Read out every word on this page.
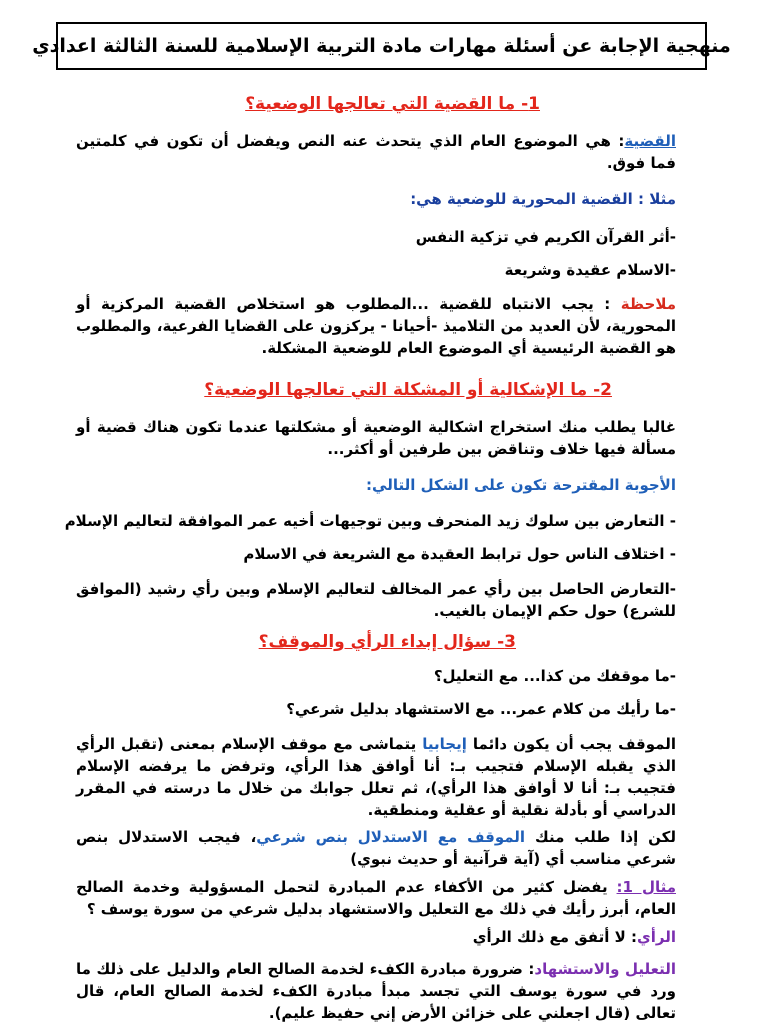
منهجية الإجابة عن أسئلة مهارات مادة التربية الإسلامية للسنة الثالثة اعدادي
1- ما القضية التي تعالجها الوضعية؟
القضية: هي الموضوع العام الذي يتحدث عنه النص ويفضل أن تكون في كلمتين فما فوق.
مثلا : القضية المحورية للوضعية هي:
-أثر القرآن الكريم في تزكية النفس
-الاسلام عقيدة وشريعة
ملاحظة : يجب الانتباه للقضية ...المطلوب هو استخلاص القضية المركزية أو المحورية، لأن العديد من التلاميذ -أحيانا - يركزون على القضايا الفرعية، والمطلوب هو القضية الرئيسية أي الموضوع العام للوضعية المشكلة.
2- ما الإشكالية أو المشكلة التي تعالجها الوضعية؟
غالبا يطلب منك استخراج اشكالية الوضعية أو مشكلتها عندما تكون هناك قضية أو مسألة فيها خلاف وتناقض بين طرفين أو أكثر...
الأجوبة المقترحة تكون على الشكل التالي:
- التعارض بين سلوك زيد المنحرف وبين توجيهات أخيه عمر الموافقة لتعاليم الإسلام
- اختلاف الناس حول ترابط العقيدة مع الشريعة في الاسلام
-التعارض الحاصل بين رأي عمر المخالف لتعاليم الإسلام وبين رأي رشيد (الموافق للشرع) حول حكم الإيمان بالغيب.
3- سؤال إبداء الرأي والموقف؟
-ما موقفك من كذا... مع التعليل؟
-ما رأيك من كلام عمر... مع الاستشهاد بدليل شرعي؟
الموقف يجب أن يكون دائما إيجابيا يتماشى مع موقف الإسلام بمعنى (تقبل الرأي الذي يقبله الإسلام فتجيب بـ: أنا أوافق هذا الرأي، وترفض ما يرفضه الإسلام فتجيب بـ: أنا لا أوافق هذا الرأي)، ثم تعلل جوابك من خلال ما درسته في المقرر الدراسي أو بأدلة نقلية أو عقلية ومنطقية.
لكن إذا طلب منك الموقف مع الاستدلال بنص شرعي، فيجب الاستدلال بنص شرعي مناسب أي (آية قرآنية أو حديث نبوي)
مثال 1: يفضل كثير من الأكفاء عدم المبادرة لتحمل المسؤولية وخدمة الصالح العام، أبرز رأيك في ذلك مع التعليل والاستشهاد بدليل شرعي من سورة يوسف ؟
الرأي: لا أتفق مع ذلك الرأي
التعليل والاستشهاد: ضرورة مبادرة الكفء لخدمة الصالح العام والدليل على ذلك ما ورد في سورة يوسف التي تجسد مبدأ مبادرة الكفء لخدمة الصالح العام، قال تعالى (قال اجعلني على خزائن الأرض إني حفيظ عليم).
